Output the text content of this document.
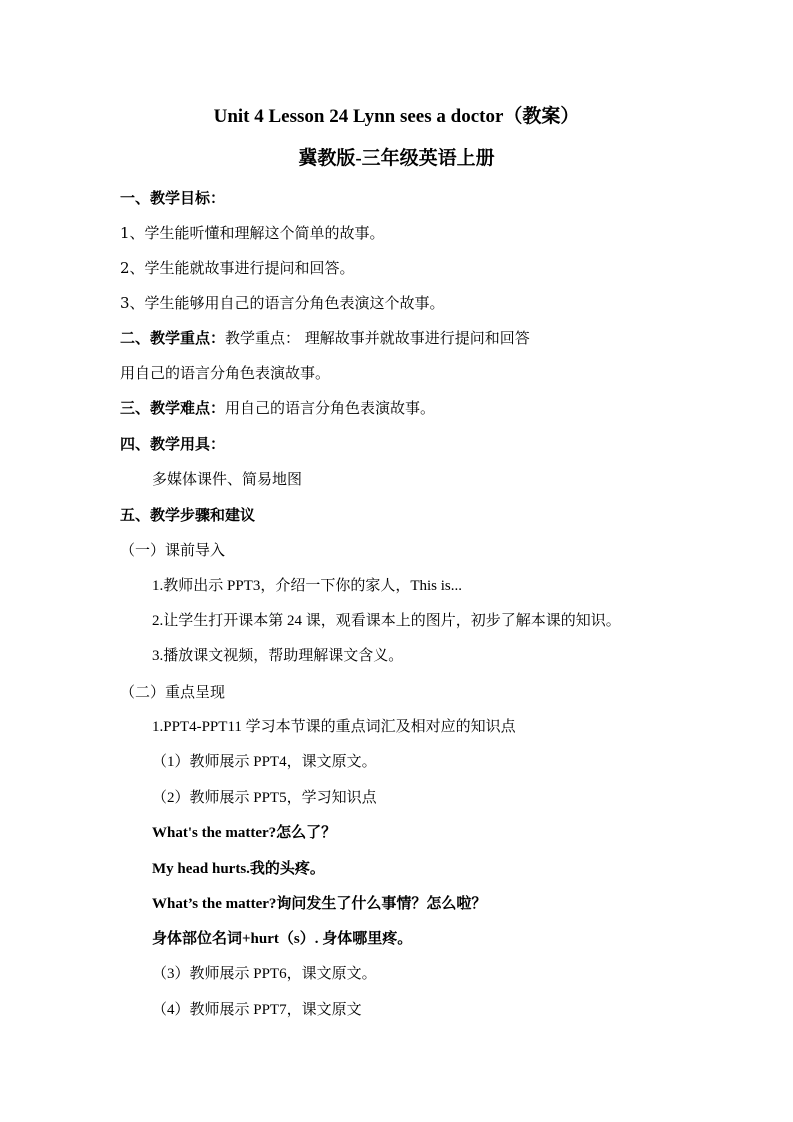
Unit 4 Lesson 24 Lynn sees a doctor（教案）
冀教版-三年级英语上册
一、教学目标：
1、学生能听懂和理解这个简单的故事。
2、学生能就故事进行提问和回答。
3、学生能够用自己的语言分角色表演这个故事。
二、教学重点：教学重点： 理解故事并就故事进行提问和回答
用自己的语言分角色表演故事。
三、教学难点：用自己的语言分角色表演故事。
四、教学用具：
多媒体课件、简易地图
五、教学步骤和建议
（一）课前导入
1.教师出示 PPT3，介绍一下你的家人，This is...
2.让学生打开课本第 24 课，观看课本上的图片，初步了解本课的知识。
3.播放课文视频，帮助理解课文含义。
（二）重点呈现
1.PPT4-PPT11 学习本节课的重点词汇及相对应的知识点
（1）教师展示 PPT4，课文原文。
（2）教师展示 PPT5，学习知识点
What's the matter?怎么了？
My head hurts.我的头疼。
What’s the matter?询问发生了什么事情？怎么啦？
身体部位名词+hurt（s）. 身体哪里疼。
（3）教师展示 PPT6，课文原文。
（4）教师展示 PPT7，课文原文
